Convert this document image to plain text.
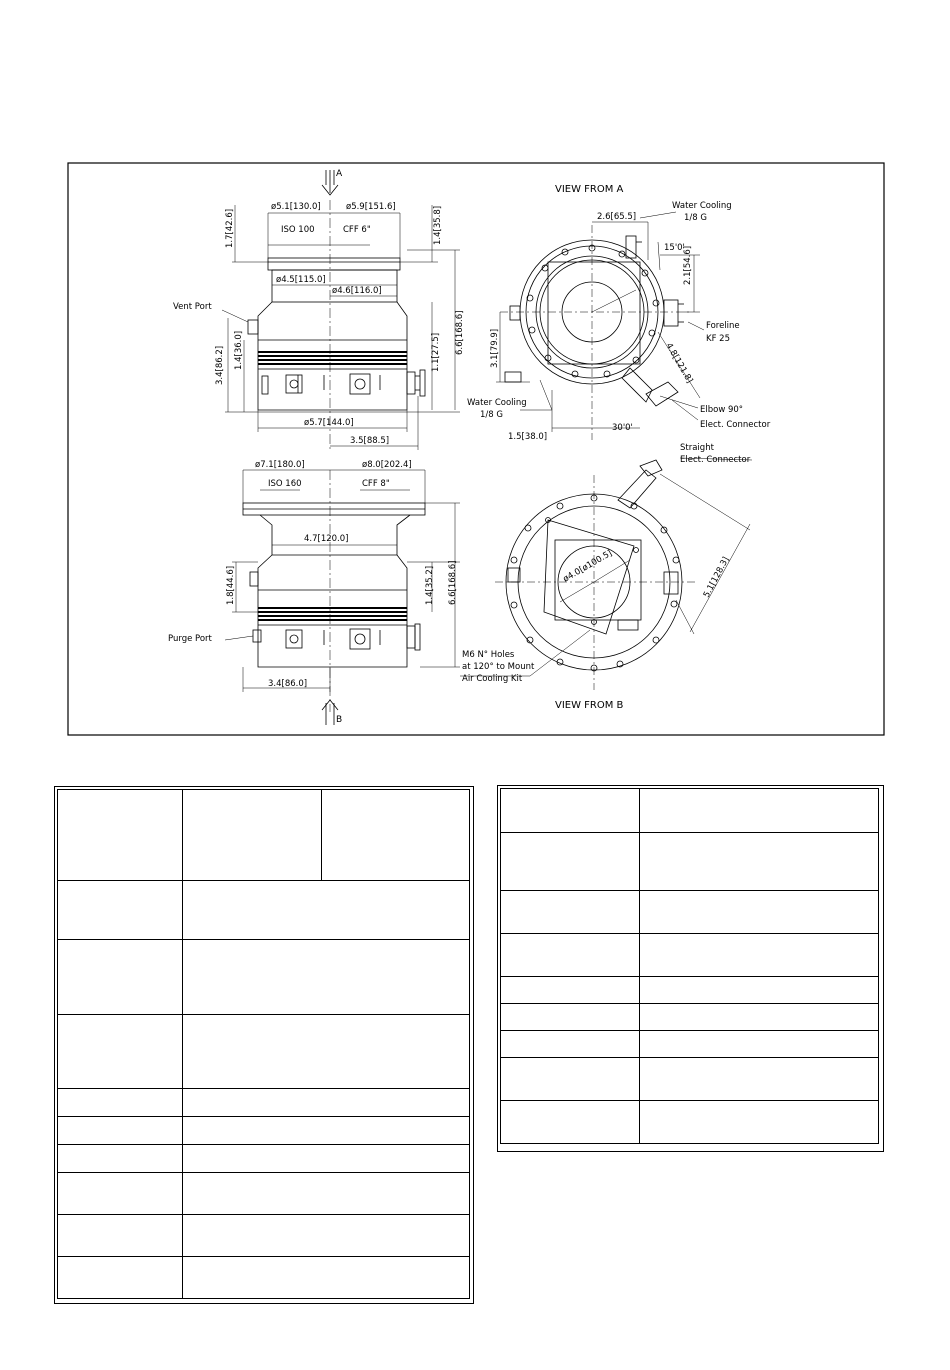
A
B
VIEW FROM A
VIEW FROM B
ø5.1[130.0]	ø5.9[151.6]
ISO 100	CFF 6"
1.7[42.6]	1.4[35.8]
ø4.5[115.0]
ø4.6[116.0]
Vent Port
6.6[168.6]
1.4[36.0]
3.4[86.2]	1.1[27.5]
ø5.7[144.0]
3.5[88.5]
2.6[65.5]
Water Cooling
1/8 G
15'0'
2.1[54.6]
Foreline
KF 25
3.1[79.9]	4.8[121.8]
Water Cooling
1/8 G	Elbow 90°
Elect. Connector
30'0'
1.5[38.0]
ø7.1[180.0]	ø8.0[202.4]
ISO 160	CFF 8"
4.7[120.0]
1.8[44.6]	1.4[35.2] 6.6[168.6]
Purge Port
3.4[86.0]
Straight
Elect. Connector
ø4.0[ø100.5]	5.1[128.3]
M6 N° Holes
at 120° to Mount
Air Cooling Kit
